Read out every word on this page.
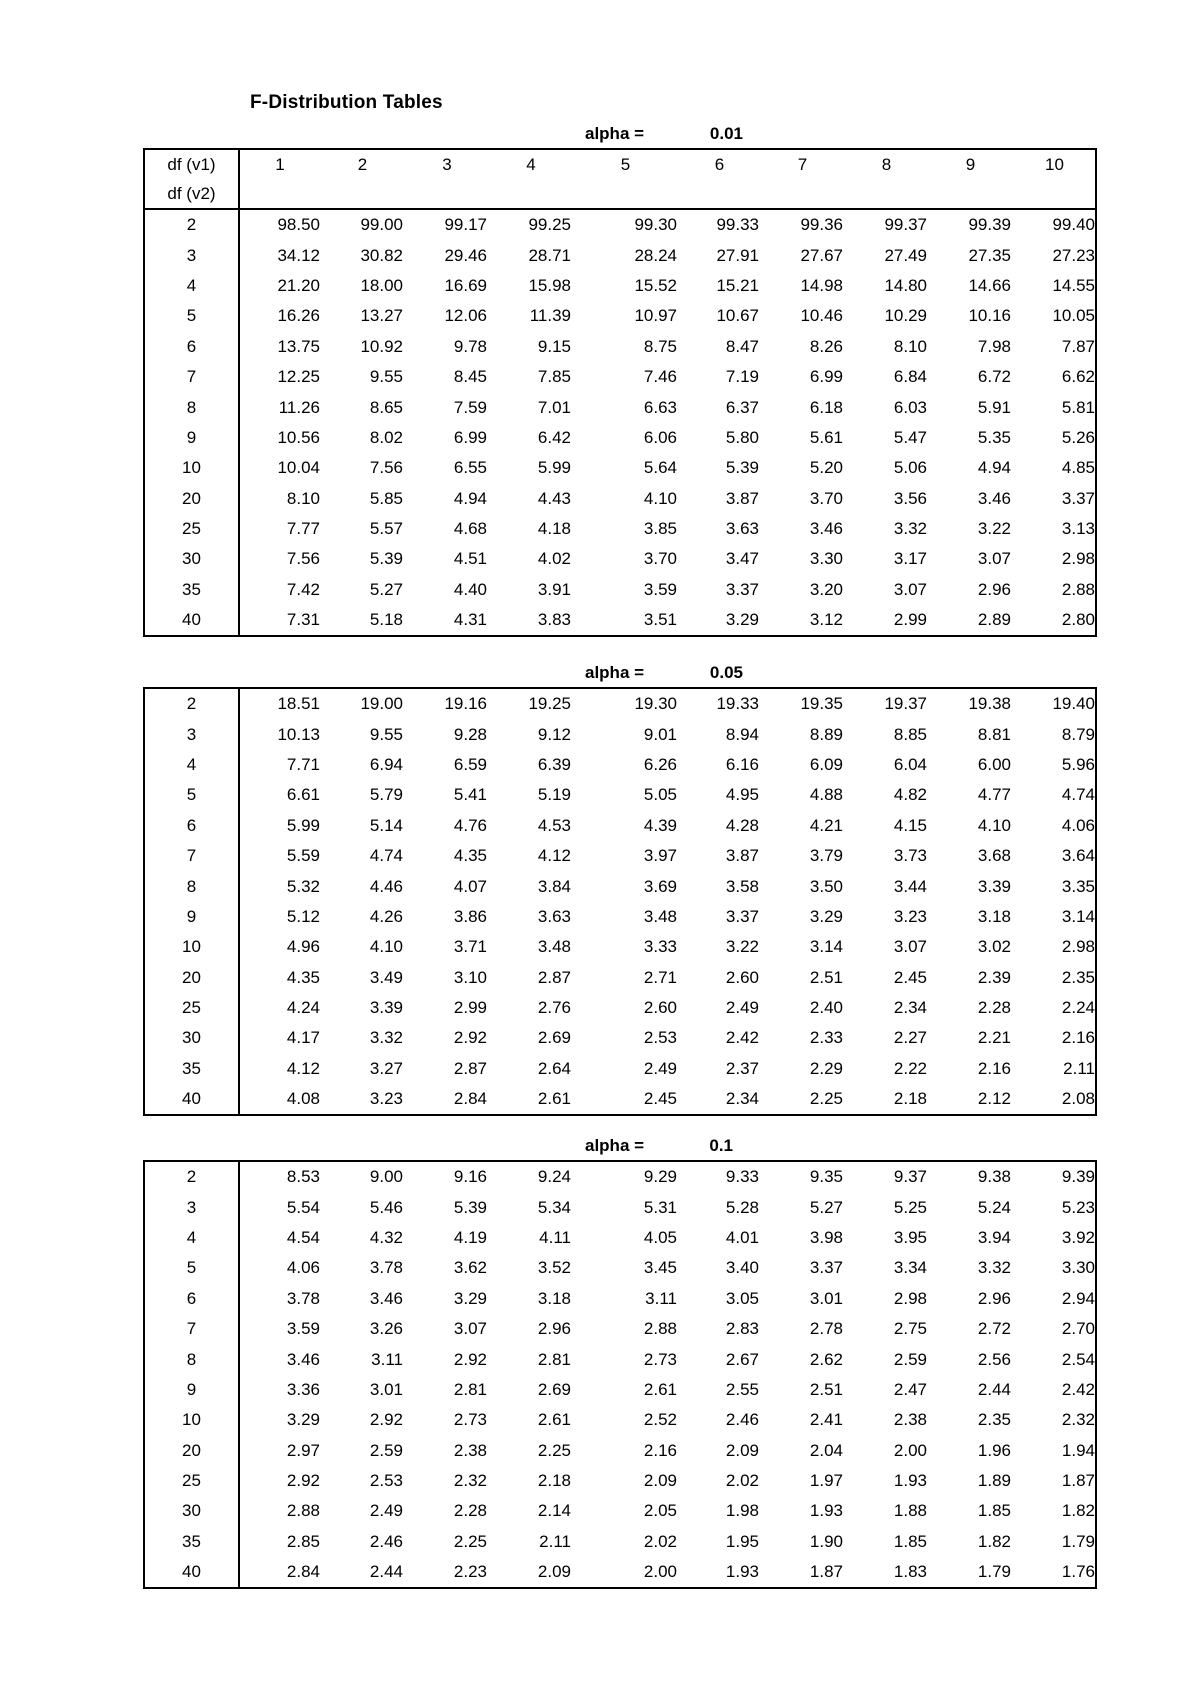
F-Distribution Tables
alpha =	0.01
df (v1)	1	2	3	4	5	6	7	8	9	10
df (v2)
2	98.50	99.00	99.17	99.25	99.30	99.33	99.36	99.37	99.39	99.40
3	34.12	30.82	29.46	28.71	28.24	27.91	27.67	27.49	27.35	27.23
4	21.20	18.00	16.69	15.98	15.52	15.21	14.98	14.80	14.66	14.55
5	16.26	13.27	12.06	11.39	10.97	10.67	10.46	10.29	10.16	10.05
6	13.75	10.92	9.78	9.15	8.75	8.47	8.26	8.10	7.98	7.87
7	12.25	9.55	8.45	7.85	7.46	7.19	6.99	6.84	6.72	6.62
8	11.26	8.65	7.59	7.01	6.63	6.37	6.18	6.03	5.91	5.81
9	10.56	8.02	6.99	6.42	6.06	5.80	5.61	5.47	5.35	5.26
10	10.04	7.56	6.55	5.99	5.64	5.39	5.20	5.06	4.94	4.85
20	8.10	5.85	4.94	4.43	4.10	3.87	3.70	3.56	3.46	3.37
25	7.77	5.57	4.68	4.18	3.85	3.63	3.46	3.32	3.22	3.13
30	7.56	5.39	4.51	4.02	3.70	3.47	3.30	3.17	3.07	2.98
35	7.42	5.27	4.40	3.91	3.59	3.37	3.20	3.07	2.96	2.88
40	7.31	5.18	4.31	3.83	3.51	3.29	3.12	2.99	2.89	2.80
alpha =	0.05
2	18.51	19.00	19.16	19.25	19.30	19.33	19.35	19.37	19.38	19.40
3	10.13	9.55	9.28	9.12	9.01	8.94	8.89	8.85	8.81	8.79
4	7.71	6.94	6.59	6.39	6.26	6.16	6.09	6.04	6.00	5.96
5	6.61	5.79	5.41	5.19	5.05	4.95	4.88	4.82	4.77	4.74
6	5.99	5.14	4.76	4.53	4.39	4.28	4.21	4.15	4.10	4.06
7	5.59	4.74	4.35	4.12	3.97	3.87	3.79	3.73	3.68	3.64
8	5.32	4.46	4.07	3.84	3.69	3.58	3.50	3.44	3.39	3.35
9	5.12	4.26	3.86	3.63	3.48	3.37	3.29	3.23	3.18	3.14
10	4.96	4.10	3.71	3.48	3.33	3.22	3.14	3.07	3.02	2.98
20	4.35	3.49	3.10	2.87	2.71	2.60	2.51	2.45	2.39	2.35
25	4.24	3.39	2.99	2.76	2.60	2.49	2.40	2.34	2.28	2.24
30	4.17	3.32	2.92	2.69	2.53	2.42	2.33	2.27	2.21	2.16
35	4.12	3.27	2.87	2.64	2.49	2.37	2.29	2.22	2.16	2.11
40	4.08	3.23	2.84	2.61	2.45	2.34	2.25	2.18	2.12	2.08
alpha =	0.1
2	8.53	9.00	9.16	9.24	9.29	9.33	9.35	9.37	9.38	9.39
3	5.54	5.46	5.39	5.34	5.31	5.28	5.27	5.25	5.24	5.23
4	4.54	4.32	4.19	4.11	4.05	4.01	3.98	3.95	3.94	3.92
5	4.06	3.78	3.62	3.52	3.45	3.40	3.37	3.34	3.32	3.30
6	3.78	3.46	3.29	3.18	3.11	3.05	3.01	2.98	2.96	2.94
7	3.59	3.26	3.07	2.96	2.88	2.83	2.78	2.75	2.72	2.70
8	3.46	3.11	2.92	2.81	2.73	2.67	2.62	2.59	2.56	2.54
9	3.36	3.01	2.81	2.69	2.61	2.55	2.51	2.47	2.44	2.42
10	3.29	2.92	2.73	2.61	2.52	2.46	2.41	2.38	2.35	2.32
20	2.97	2.59	2.38	2.25	2.16	2.09	2.04	2.00	1.96	1.94
25	2.92	2.53	2.32	2.18	2.09	2.02	1.97	1.93	1.89	1.87
30	2.88	2.49	2.28	2.14	2.05	1.98	1.93	1.88	1.85	1.82
35	2.85	2.46	2.25	2.11	2.02	1.95	1.90	1.85	1.82	1.79
40	2.84	2.44	2.23	2.09	2.00	1.93	1.87	1.83	1.79	1.76
